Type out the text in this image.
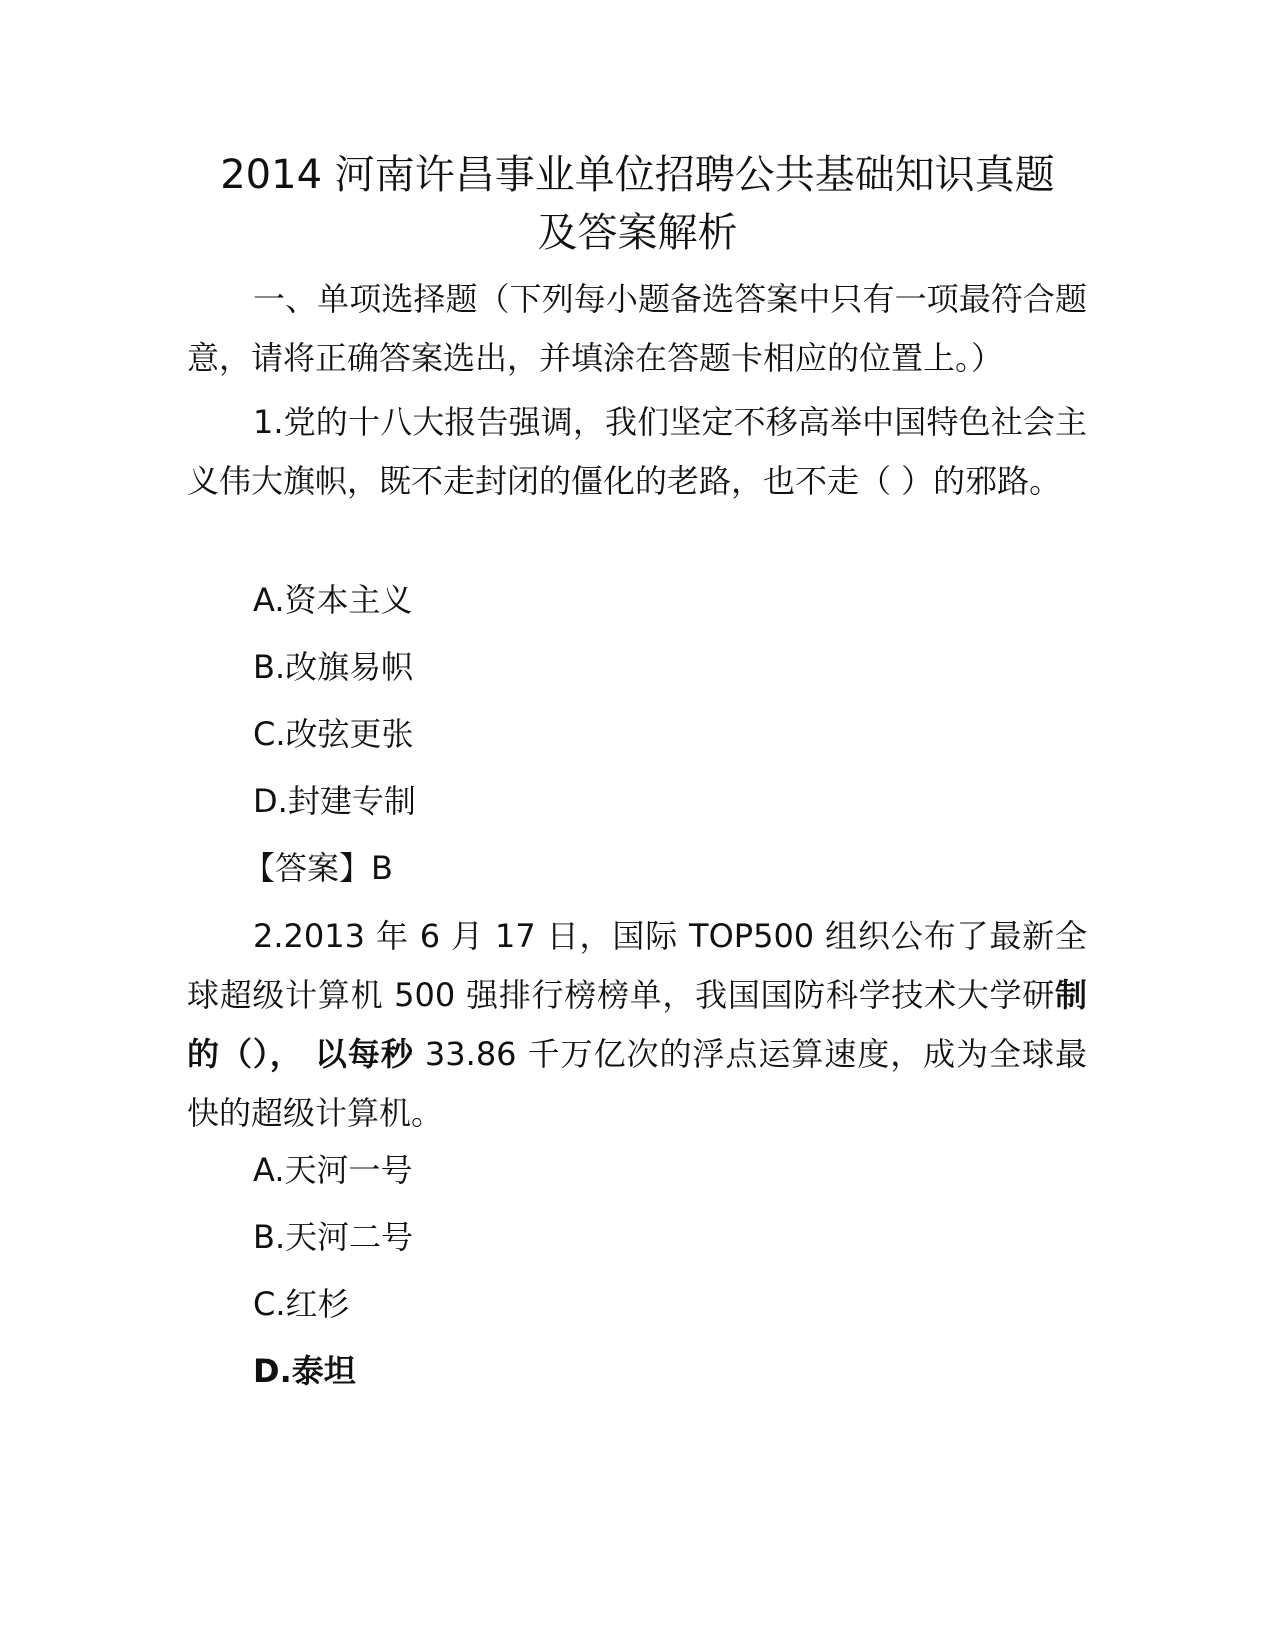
2014 河南许昌事业单位招聘公共基础知识真题
及答案解析

一、单项选择题（下列每小题备选答案中只有一项最符合题意，请将正确答案选出，并填涂在答题卡相应的位置上。）

1.党的十八大报告强调，我们坚定不移高举中国特色社会主义伟大旗帜，既不走封闭的僵化的老路，也不走（ ）的邪路。

A.资本主义

B.改旗易帜

C.改弦更张

D.封建专制

【答案】B

2.2013 年 6 月 17 日，国际 TOP500 组织公布了最新全球超级计算机 500 强排行榜榜单，我国国防科学技术大学研制的（）， 以每秒 33.86 千万亿次的浮点运算速度，成为全球最快的超级计算机。

A.天河一号

B.天河二号

C.红杉

D.泰坦
